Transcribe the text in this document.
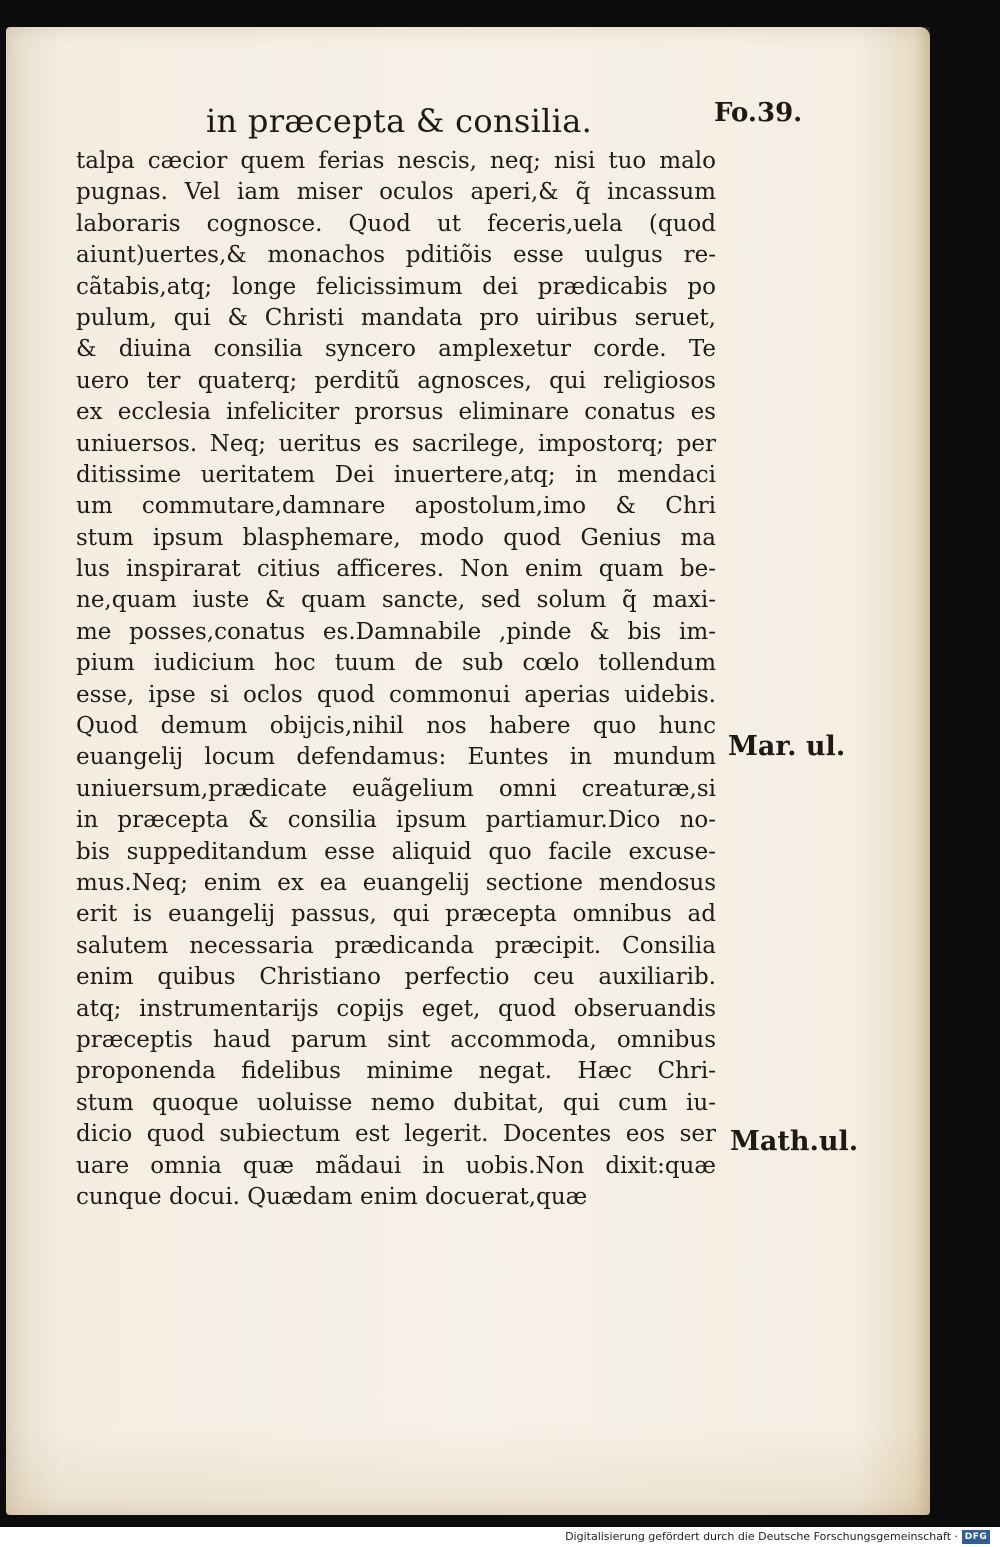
in præcepta & consilia.	Fo.39.
talpa cæcior quem ferias nescis, neq; nisi tuo malo
pugnas. Vel iam miser oculos aperi,& q̃ incassum
laboraris cognosce. Quod ut feceris,uela (quod
aiunt)uertes,& monachos pditiõis esse uulgus re-
cãtabis,atq; longe felicissimum dei prædicabis po
pulum, qui & Christi mandata pro uiribus seruet,
& diuina consilia syncero amplexetur corde. Te
uero ter quaterq; perditũ agnosces, qui religiosos
ex ecclesia infeliciter prorsus eliminare conatus es
uniuersos. Neq; ueritus es sacrilege, impostorq; per
ditissime ueritatem Dei inuertere,atq; in mendaci
um commutare,damnare apostolum,imo & Chri
stum ipsum blasphemare, modo quod Genius ma
lus inspirarat citius afficeres. Non enim quam be-
ne,quam iuste & quam sancte, sed solum q̃ maxi-
me posses,conatus es.Damnabile ,pinde & bis im-
pium iudicium hoc tuum de sub cœlo tollendum
esse, ipse si oclos quod commonui aperias uidebis.
Quod demum obijcis,nihil nos habere quo hunc
euangelij locum defendamus: Euntes in mundum
uniuersum,prædicate euãgelium omni creaturæ,si
in præcepta & consilia ipsum partiamur.Dico no-
bis suppeditandum esse aliquid quo facile excuse-
mus.Neq; enim ex ea euangelij sectione mendosus
erit is euangelij passus, qui præcepta omnibus ad
salutem necessaria prædicanda præcipit. Consilia
enim quibus Christiano perfectio ceu auxiliarib.
atq; instrumentarijs copijs eget, quod obseruandis
præceptis haud parum sint accommoda, omnibus
proponenda fidelibus minime negat. Hæc Chri-
stum quoque uoluisse nemo dubitat, qui cum iu-
dicio quod subiectum est legerit. Docentes eos ser
uare omnia quæ mãdaui in uobis.Non dixit:quæ
cunque docui. Quædam enim docuerat,quæ
Mar. ul.
Math.ul.
Digitalisierung gefördert durch die Deutsche Forschungsgemeinschaft · DFG
